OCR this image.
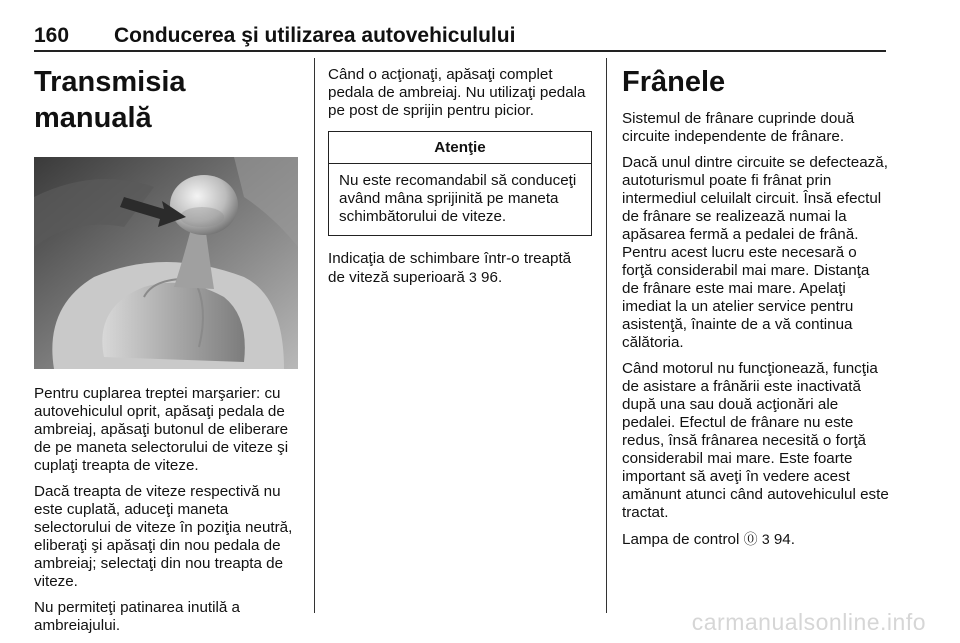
160 Conducerea şi utilizarea autovehiculului
Transmisia manuală

Pentru cuplarea treptei marşarier: cu autovehiculul oprit, apăsaţi pedala de ambreiaj, apăsaţi butonul de eliberare de pe maneta selectorului de viteze şi cuplaţi treapta de viteze.

Dacă treapta de viteze respectivă nu este cuplată, aduceţi maneta selectorului de viteze în poziţia neutră, eliberaţi şi apăsaţi din nou pedala de ambreiaj; selectaţi din nou treapta de viteze.

Nu permiteţi patinarea inutilă a ambreiajului.

Când o acţionaţi, apăsaţi complet pedala de ambreiaj. Nu utilizaţi pedala pe post de sprijin pentru picior.

Atenţie
Nu este recomandabil să conduceţi având mâna sprijinită pe maneta schimbătorului de viteze.

Indicaţia de schimbare într-o treaptă de viteză superioară 3 96.

Frânele

Sistemul de frânare cuprinde două circuite independente de frânare.

Dacă unul dintre circuite se defectează, autoturismul poate fi frânat prin intermediul celuilalt circuit. Însă efectul de frânare se realizează numai la apăsarea fermă a pedalei de frână. Pentru acest lucru este necesară o forţă considerabil mai mare. Distanţa de frânare este mai mare. Apelaţi imediat la un atelier service pentru asistenţă, înainte de a vă continua călătoria.

Când motorul nu funcţionează, funcţia de asistare a frânării este inactivată după una sau două acţionări ale pedalei. Efectul de frânare nu este redus, însă frânarea necesită o forţă considerabil mai mare. Este foarte important să aveţi în vedere acest amănunt atunci când autovehiculul este tractat.

Lampa de control ⓪ 3 94.

carmanualsonline.info
